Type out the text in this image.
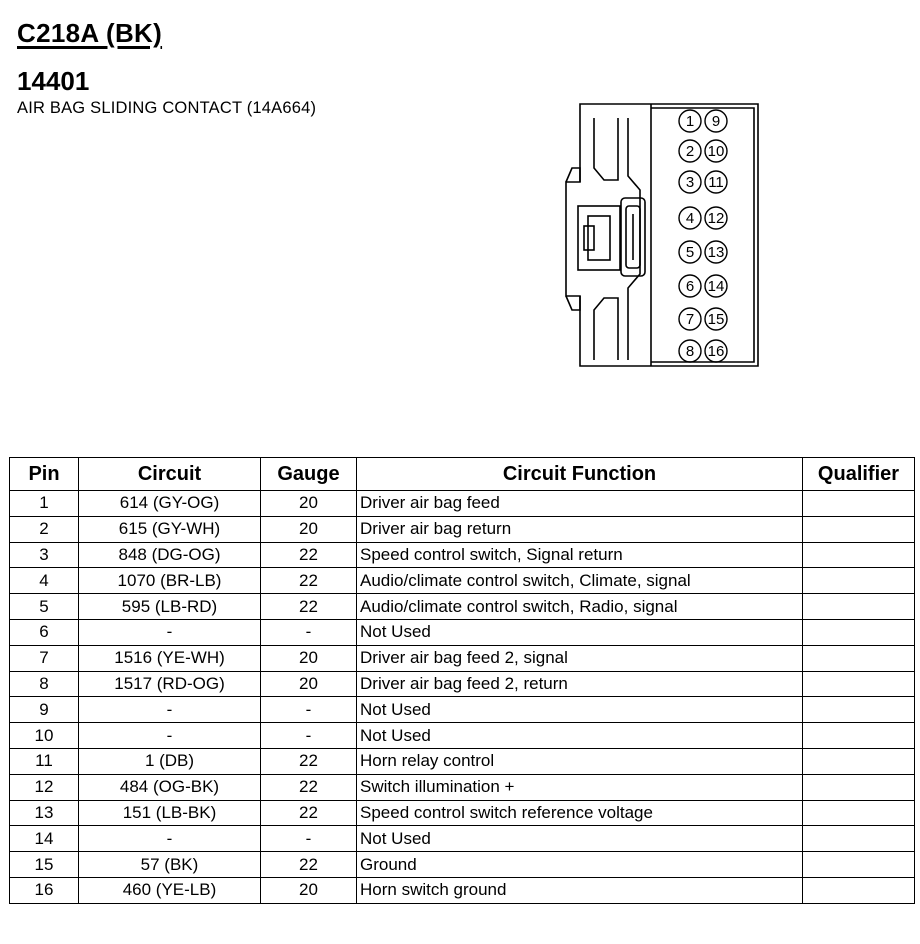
C218A (BK)
14401
AIR BAG SLIDING CONTACT (14A664)
1 9
2 10
3 11
4 12
5 13
6 14
7 15
8 16
Pin	Circuit	Gauge	Circuit Function	Qualifier
1	614 (GY-OG)	20	Driver air bag feed	
2	615 (GY-WH)	20	Driver air bag return	
3	848 (DG-OG)	22	Speed control switch, Signal return	
4	1070 (BR-LB)	22	Audio/climate control switch, Climate, signal	
5	595 (LB-RD)	22	Audio/climate control switch, Radio, signal	
6	-	-	Not Used	
7	1516 (YE-WH)	20	Driver air bag feed 2, signal	
8	1517 (RD-OG)	20	Driver air bag feed 2, return	
9	-	-	Not Used	
10	-	-	Not Used	
11	1 (DB)	22	Horn relay control	
12	484 (OG-BK)	22	Switch illumination +	
13	151 (LB-BK)	22	Speed control switch reference voltage	
14	-	-	Not Used	
15	57 (BK)	22	Ground	
16	460 (YE-LB)	20	Horn switch ground	
